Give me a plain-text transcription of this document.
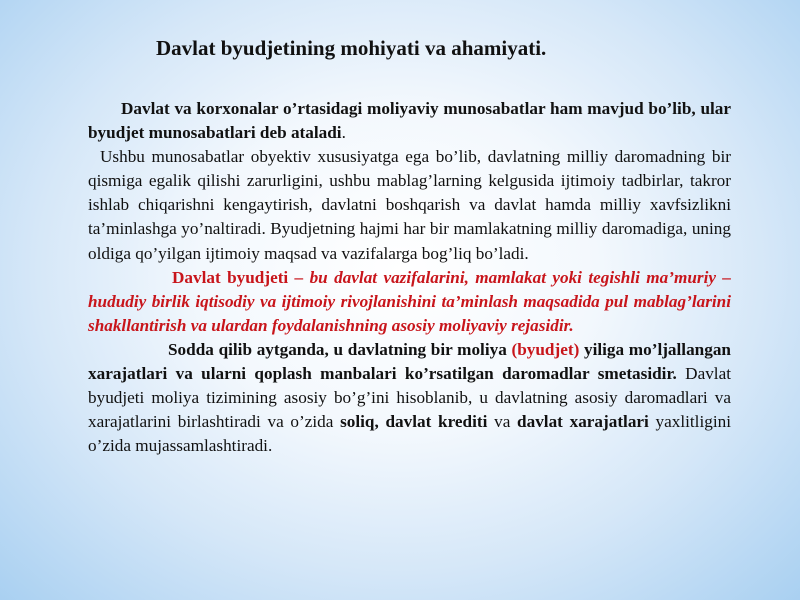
Davlat byudjetining mohiyati va ahamiyati.

Davlat va korxonalar o’rtasidagi moliyaviy munosabatlar ham mavjud bo’lib, ular byudjet munosabatlari deb ataladi.

Ushbu munosabatlar obyektiv xususiyatga ega bo’lib, davlatning milliy daromadning bir qismiga egalik qilishi zarurligini, ushbu mablag’larning kelgusida ijtimoiy tadbirlar, takror ishlab chiqarishni kengaytirish, davlatni boshqarish va davlat hamda milliy xavfsizlikni ta’minlashga yo’naltiradi. Byudjetning hajmi har bir mamlakatning milliy daromadiga, uning oldiga qo’yilgan ijtimoiy maqsad va vazifalarga bog’liq bo’ladi.

Davlat byudjeti – bu davlat vazifalarini, mamlakat yoki tegishli ma’muriy – hududiy birlik iqtisodiy va ijtimoiy rivojlanishini ta’minlash maqsadida pul mablag’larini shakllantirish va ulardan foydalanishning asosiy moliyaviy rejasidir.

Sodda qilib aytganda, u davlatning bir moliya (byudjet) yiliga mo’ljallangan xarajatlari va ularni qoplash manbalari ko’rsatilgan daromadlar smetasidir. Davlat byudjeti moliya tizimining asosiy bo’g’ini hisoblanib, u davlatning asosiy daromadlari va xarajatlarini birlashtiradi va o’zida soliq, davlat krediti va davlat xarajatlari yaxlitligini o’zida mujassamlashtiradi.
